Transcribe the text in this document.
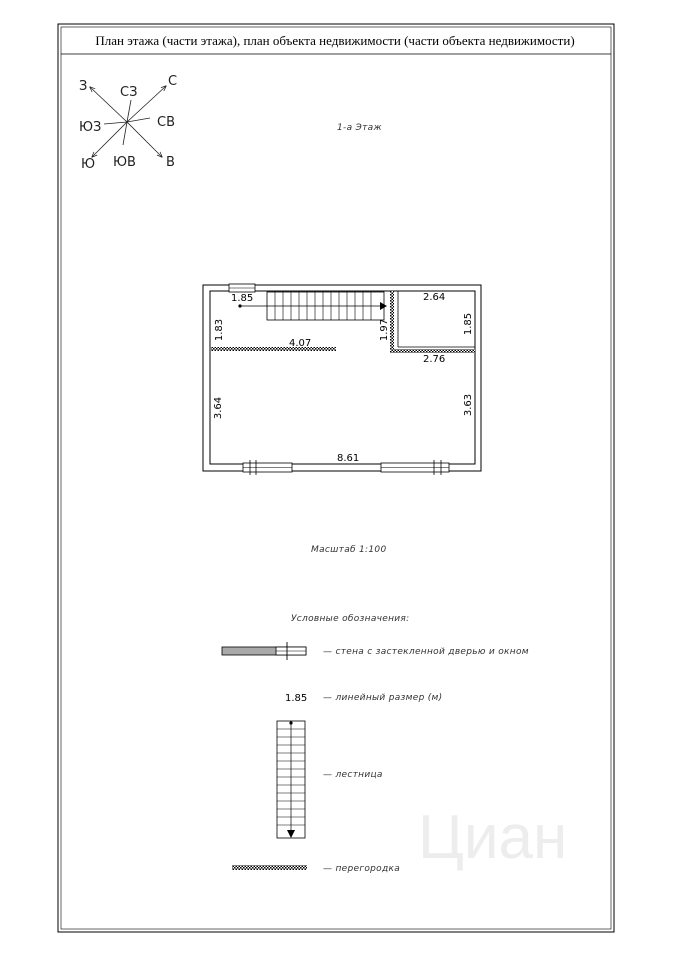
План этажа (части этажа), план объекта недвижимости (части объекта недвижимости)
С
СВ
В
ЮВ
Ю
ЮЗ
З	СЗ
1-а Этаж
1.85
1.83
4.07
1.97
2.64
1.85
2.76
3.64	3.63
8.61
Масштаб 1:100
Условные обозначения:
— стена с застекленной дверью и окном
1.85 — линейный размер (м)
— лестница
— перегородка Циан
